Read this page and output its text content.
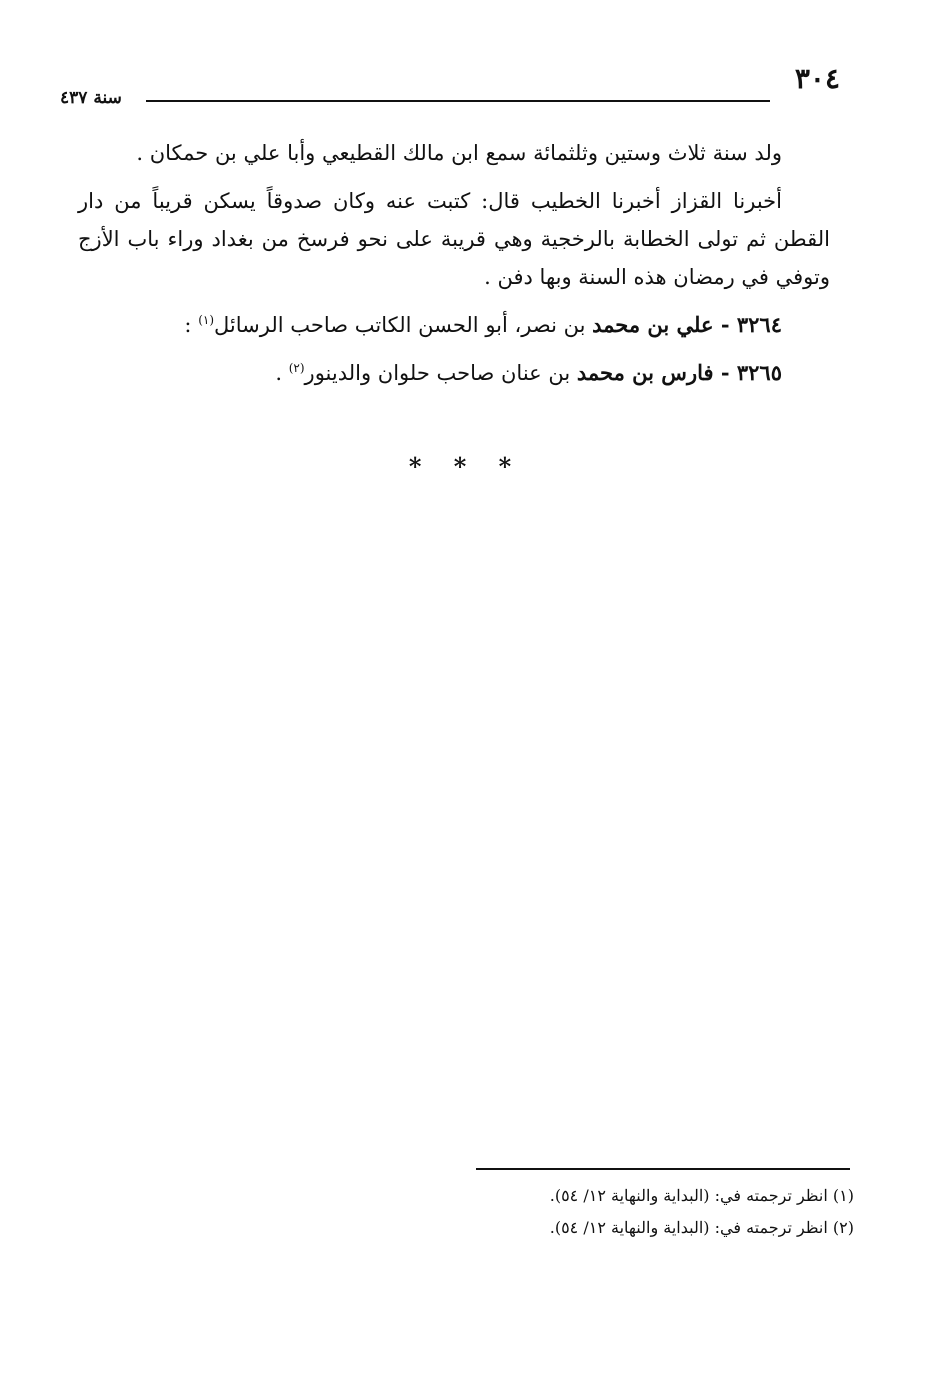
٣٠٤
سنة ٤٣٧

ولد سنة ثلاث وستين وثلثمائة سمع ابن مالك القطيعي وأبا علي بن حمكان .

أخبرنا القزاز أخبرنا الخطيب قال: كتبت عنه وكان صدوقاً يسكن قريباً من دار القطن ثم تولى الخطابة بالرخجية وهي قريبة على نحو فرسخ من بغداد وراء باب الأزج وتوفي في رمضان هذه السنة وبها دفن .

٣٢٦٤ - علي بن محمد بن نصر، أبو الحسن الكاتب صاحب الرسائل$^{(١)}$ :

٣٢٦٥ - فارس بن محمد بن عنان صاحب حلوان والدينور$^{(٢)}$ .

* * *

(١) انظر ترجمته في: (البداية والنهاية ١٢/ ٥٤).

(٢) انظر ترجمته في: (البداية والنهاية ١٢/ ٥٤).
